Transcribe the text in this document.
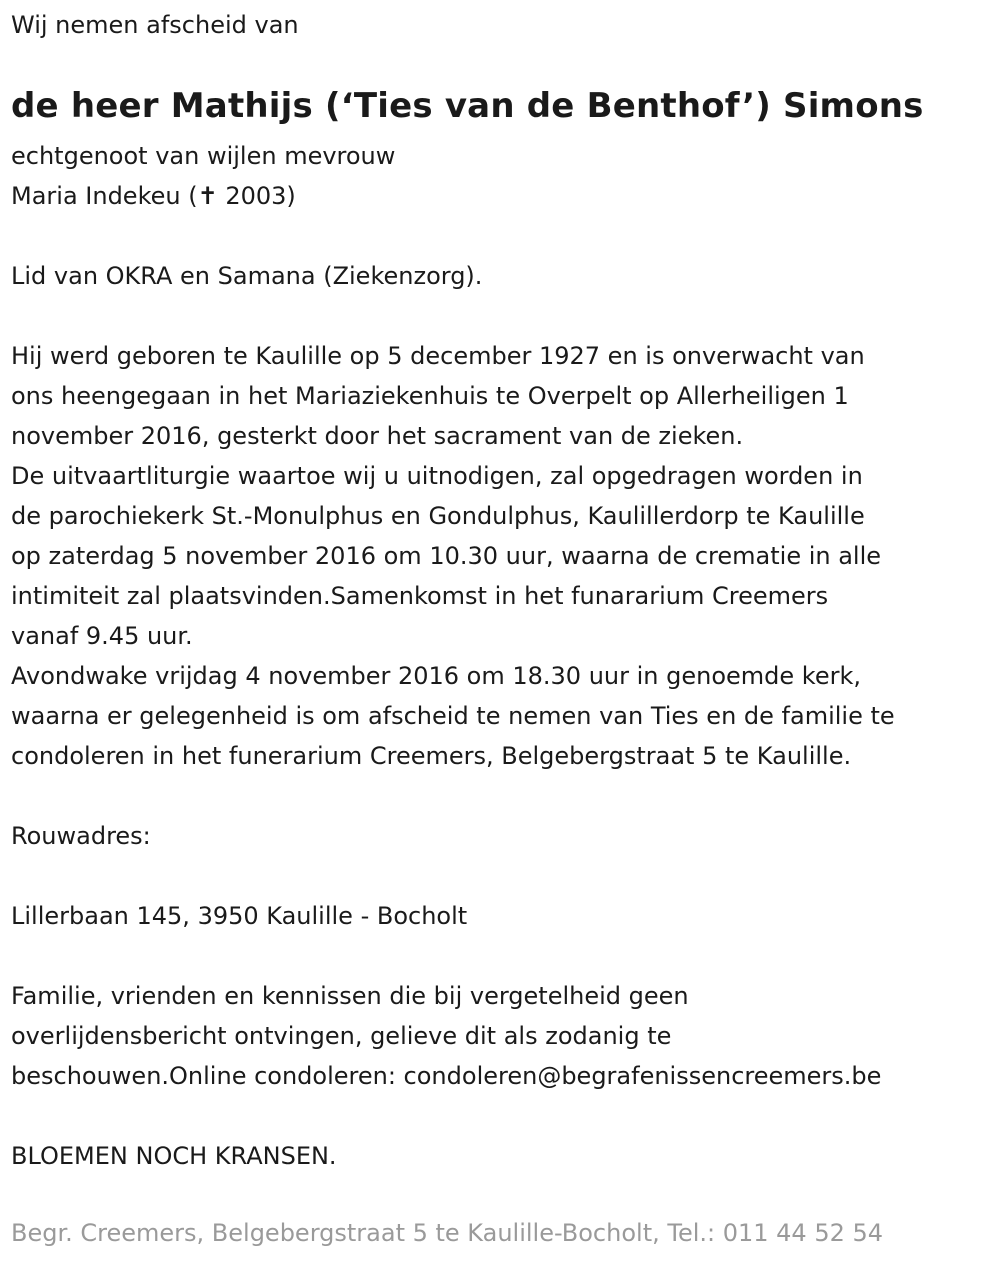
Wij nemen afscheid van
de heer Mathijs (‘Ties van de Benthof’) Simons
echtgenoot van wijlen mevrouw
Maria Indekeu (✝ 2003)
Lid van OKRA en Samana (Ziekenzorg).
Hij werd geboren te Kaulille op 5 december 1927 en is onverwacht van
ons heengegaan in het Mariaziekenhuis te Overpelt op Allerheiligen 1
november 2016, gesterkt door het sacrament van de zieken.
De uitvaartliturgie waartoe wij u uitnodigen, zal opgedragen worden in
de parochiekerk St.-Monulphus en Gondulphus, Kaulillerdorp te Kaulille
op zaterdag 5 november 2016 om 10.30 uur, waarna de crematie in alle
intimiteit zal plaatsvinden.Samenkomst in het funararium Creemers
vanaf 9.45 uur.
Avondwake vrijdag 4 november 2016 om 18.30 uur in genoemde kerk,
waarna er gelegenheid is om afscheid te nemen van Ties en de familie te
condoleren in het funerarium Creemers, Belgebergstraat 5 te Kaulille.
Rouwadres:
Lillerbaan 145, 3950 Kaulille - Bocholt
Familie, vrienden en kennissen die bij vergetelheid geen
overlijdensbericht ontvingen, gelieve dit als zodanig te
beschouwen.Online condoleren: condoleren@begrafenissencreemers.be
BLOEMEN NOCH KRANSEN.
Begr. Creemers, Belgebergstraat 5 te Kaulille-Bocholt, Tel.: 011 44 52 54
